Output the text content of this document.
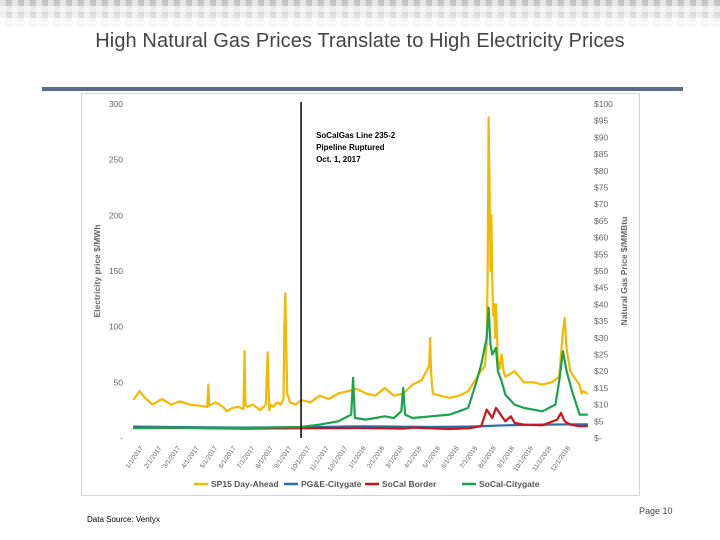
High Natural Gas Prices Translate to High Electricity Prices
300
250
200
150
100
50
-
$100
$95
$90
$85
$80
$75
$70
$65
$60
$55
$50
$45
$40
$35
$30
$25
$20
$15
$10
$5
$-
Electricity price $/MWh	Natural Gas Price $/MMBtu
1/1/2017
2/1/2017
3/1/2017
4/1/2017
5/1/2017
6/1/2017
7/1/2017
8/1/2017
9/1/2017
10/1/2017
11/1/2017
12/1/2017
1/1/2018
2/1/2018
3/1/2018
4/1/2018
5/1/2018
6/1/2018
7/1/2018
8/1/2018
9/1/2018
10/1/2018
11/1/2018
12/1/2018
SoCalGas Line 235-2
Pipeline Ruptured
Oct. 1, 2017
SP15 Day-Ahead	PG&E-Citygate SoCal Border	SoCal-Citygate
Data Source: Ventyx
Page 10
